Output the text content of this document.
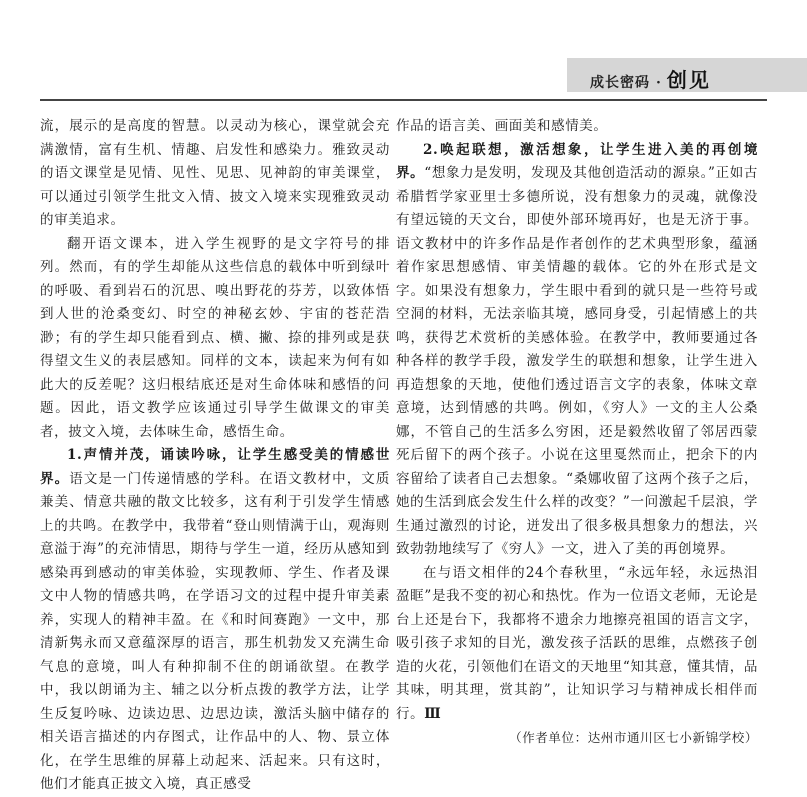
成长密码 · 创见

流，展示的是高度的智慧。以灵动为核心，课堂就会充满激情，富有生机、情趣、启发性和感染力。雅致灵动的语文课堂是见情、见性、见思、见神韵的审美课堂，可以通过引领学生批文入情、披文入境来实现雅致灵动的审美追求。

翻开语文课本，进入学生视野的是文字符号的排列。然而，有的学生却能从这些信息的载体中听到绿叶的呼吸、看到岩石的沉思、嗅出野花的芬芳，以致体悟到人世的沧桑变幻、时空的神秘玄妙、宇宙的苍茫浩渺；有的学生却只能看到点、横、撇、捺的排列或是获得望文生义的表层感知。同样的文本，读起来为何有如此大的反差呢？这归根结底还是对生命体味和感悟的问题。因此，语文教学应该通过引导学生做课文的审美者，披文入境，去体味生命，感悟生命。

1.声情并茂，诵读吟咏，让学生感受美的情感世界。语文是一门传递情感的学科。在语文教材中，文质兼美、情意共融的散文比较多，这有利于引发学生情感上的共鸣。在教学中，我带着“登山则情满于山，观海则意溢于海”的充沛情思，期待与学生一道，经历从感知到感染再到感动的审美体验，实现教师、学生、作者及课文中人物的情感共鸣，在学语习文的过程中提升审美素养，实现人的精神丰盈。在《和时间赛跑》一文中，那清新隽永而又意蕴深厚的语言，那生机勃发又充满生命气息的意境，叫人有种抑制不住的朗诵欲望。在教学中，我以朗诵为主、辅之以分析点拨的教学方法，让学生反复吟咏、边读边思、边思边读，激活头脑中储存的相关语言描述的内存图式，让作品中的人、物、景立体化，在学生思维的屏幕上动起来、活起来。只有这时，他们才能真正披文入境，真正感受

作品的语言美、画面美和感情美。

2.唤起联想，激活想象，让学生进入美的再创境界。“想象力是发明，发现及其他创造活动的源泉。”正如古希腊哲学家亚里士多德所说，没有想象力的灵魂，就像没有望远镜的天文台，即使外部环境再好，也是无济于事。语文教材中的许多作品是作者创作的艺术典型形象，蕴涵着作家思想感情、审美情趣的载体。它的外在形式是文字。如果没有想象力，学生眼中看到的就只是一些符号或空洞的材料，无法亲临其境，感同身受，引起情感上的共鸣，获得艺术赏析的美感体验。在教学中，教师要通过各种各样的教学手段，激发学生的联想和想象，让学生进入再造想象的天地，使他们透过语言文字的表象，体味文章意境，达到情感的共鸣。例如，《穷人》一文的主人公桑娜，不管自己的生活多么穷困，还是毅然收留了邻居西蒙死后留下的两个孩子。小说在这里戛然而止，把余下的内容留给了读者自己去想象。“桑娜收留了这两个孩子之后，她的生活到底会发生什么样的改变？”一问激起千层浪，学生通过激烈的讨论，迸发出了很多极具想象力的想法，兴致勃勃地续写了《穷人》一文，进入了美的再创境界。

在与语文相伴的24个春秋里，“永远年轻，永远热泪盈眶”是我不变的初心和热忱。作为一位语文老师，无论是台上还是台下，我都将不遗余力地擦亮祖国的语言文字，吸引孩子求知的目光，激发孩子活跃的思维，点燃孩子创造的火花，引领他们在语文的天地里“知其意，懂其情，品其味，明其理，赏其韵”，让知识学习与精神成长相伴而行。Ⅲ

（作者单位：达州市通川区七小新锦学校）
